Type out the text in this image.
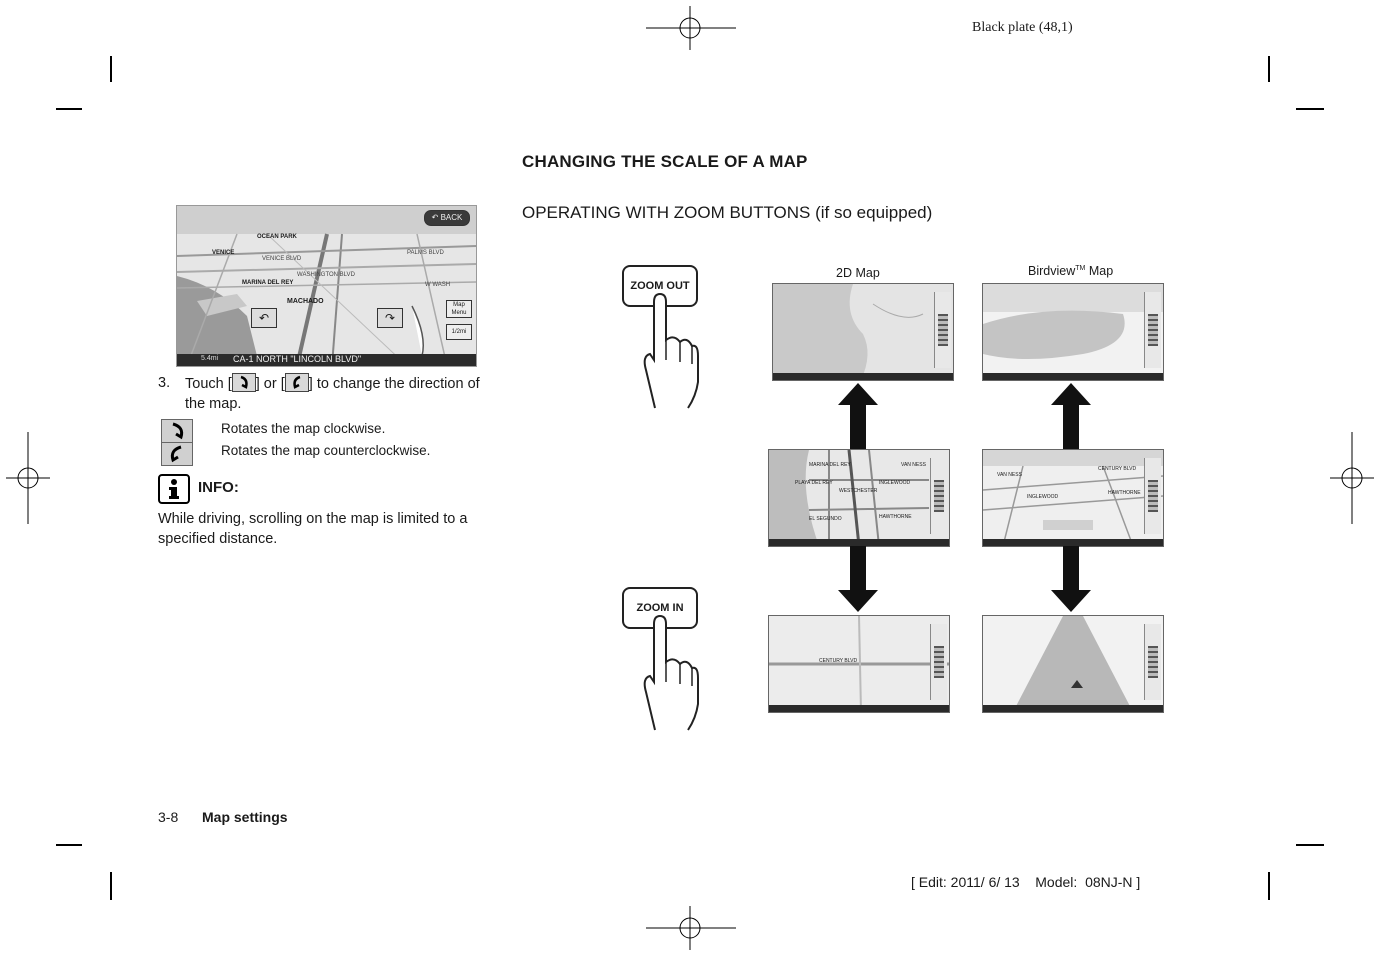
Black plate (48,1)
↶ BACK
OCEAN PARK
VENICE
VENICE BLVD
PALMS BLVD
WASHINGTON BLVD
MARINA DEL REY
MACHADO
W WASH
↶	↷
Map Menu
1/2mi
5.4mi CA-1 NORTH "LINCOLN BLVD"
3. Touch [ ] or [ ] to change the direction of
the map.
Rotates the map clockwise.
Rotates the map counterclockwise.
INFO:
While driving, scrolling on the map is limited to a
specified distance.
CHANGING THE SCALE OF A MAP
OPERATING WITH ZOOM BUTTONS (if so equipped)
2D Map	Birdview™ Map
ZOOM OUT
ZOOM IN
MARINA DEL REY
PLAYA DEL REY
VAN NESS
INGLEWOOD
WESTCHESTER
EL SEGUNDO	HAWTHORNE
VAN NESS
CENTURY BLVD
INGLEWOOD
HAWTHORNE
CENTURY BLVD
3-8 Map settings
[ Edit: 2011/ 6/ 13    Model:  08NJ-N ]
